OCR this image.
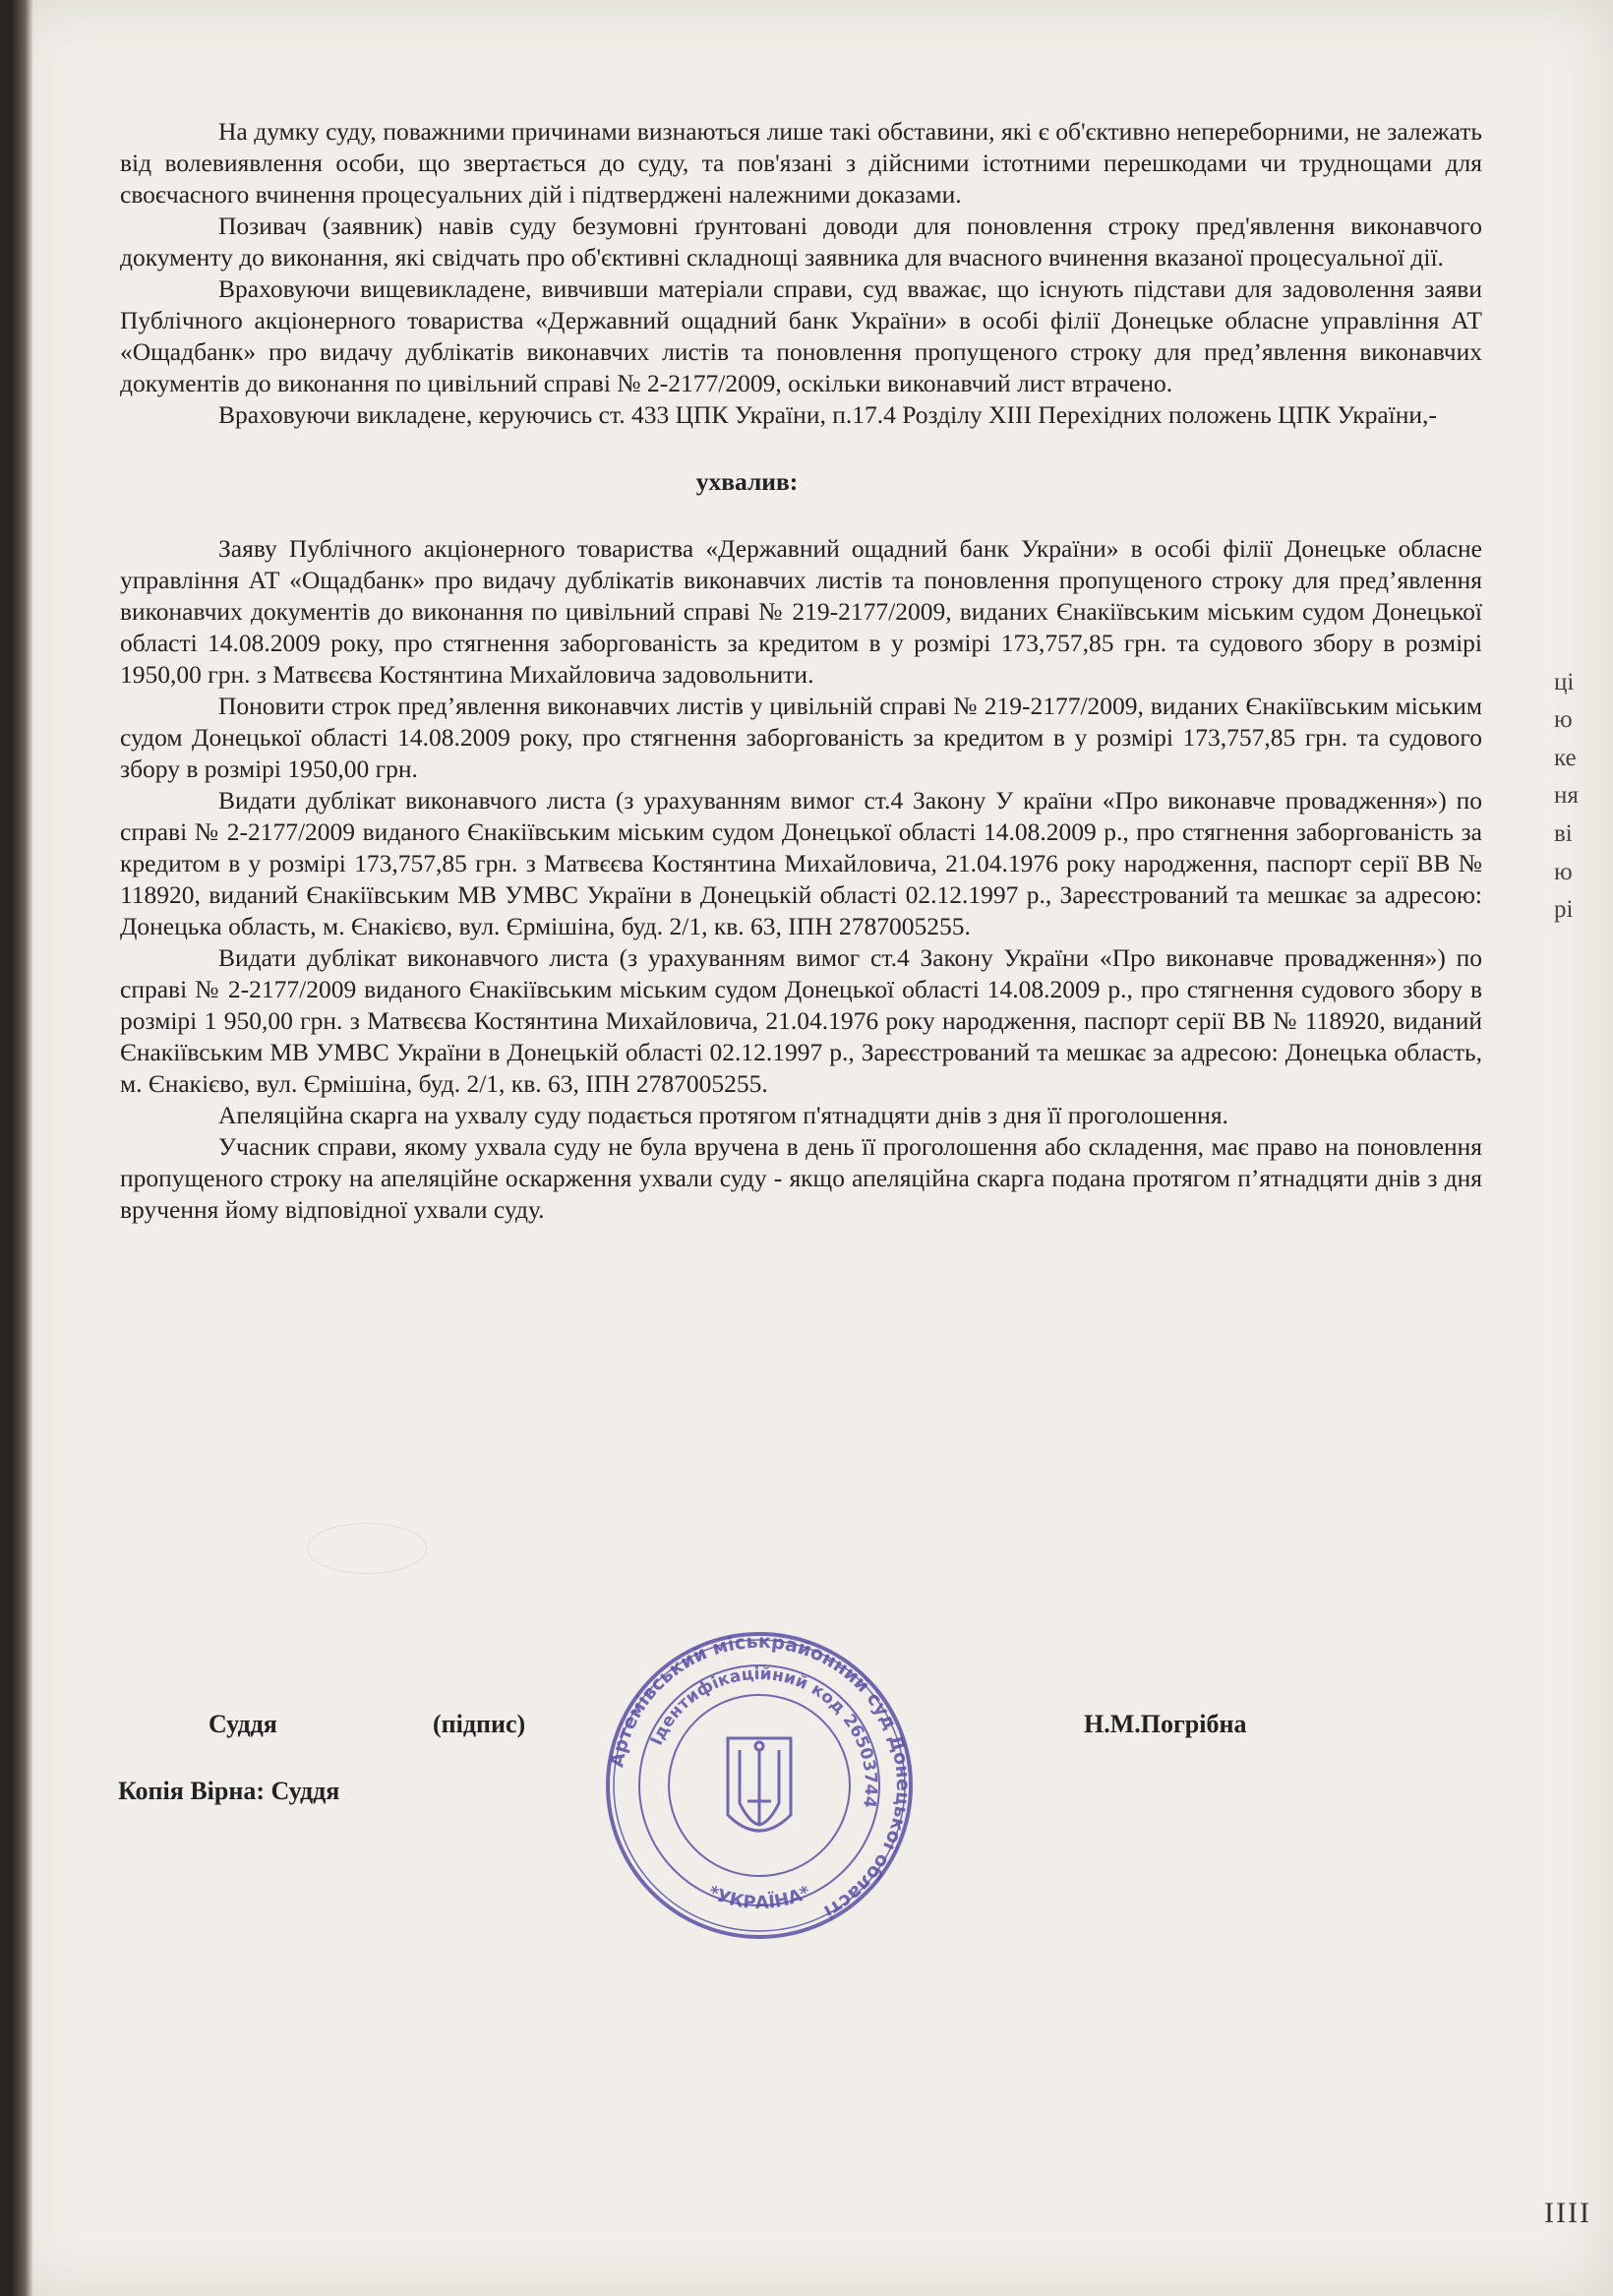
На думку суду, поважними причинами визнаються лише такі обставини, які є об'єктивно непереборними, не залежать від волевиявлення особи, що звертається до суду, та пов'язані з дійсними істотними перешкодами чи труднощами для своєчасного вчинення процесуальних дій і підтверджені належними доказами.

Позивач (заявник) навів суду безумовні ґрунтовані доводи для поновлення строку пред'явлення виконавчого документу до виконання, які свідчать про об'єктивні складнощі заявника для вчасного вчинення вказаної процесуальної дії.

Враховуючи вищевикладене, вивчивши матеріали справи, суд вважає, що існують підстави для задоволення заяви Публічного акціонерного товариства «Державний ощадний банк України» в особі філії Донецьке обласне управління АТ «Ощадбанк» про видачу дублікатів виконавчих листів та поновлення пропущеного строку для пред’явлення виконавчих документів до виконання по цивільний справі № 2-2177/2009, оскільки виконавчий лист втрачено.

Враховуючи викладене, керуючись ст. 433 ЦПК України, п.17.4 Розділу XIII Перехідних положень ЦПК України,-

ухвалив:

Заяву Публічного акціонерного товариства «Державний ощадний банк України» в особі філії Донецьке обласне управління АТ «Ощадбанк» про видачу дублікатів виконавчих листів та поновлення пропущеного строку для пред’явлення виконавчих документів до виконання по цивільний справі № 219-2177/2009, виданих Єнакіївським міським судом Донецької області 14.08.2009 року, про стягнення заборгованість за кредитом в у розмірі 173,757,85 грн. та судового збору в розмірі 1950,00 грн. з Матвєєва Костянтина Михайловича задовольнити.

Поновити строк пред’явлення виконавчих листів у цивільній справі № 219-2177/2009, виданих Єнакіївським міським судом Донецької області 14.08.2009 року, про стягнення заборгованість за кредитом в у розмірі 173,757,85 грн. та судового збору в розмірі 1950,00 грн.

Видати дублікат виконавчого листа (з урахуванням вимог ст.4 Закону У країни «Про виконавче провадження») по справі № 2-2177/2009 виданого Єнакіївським міським судом Донецької області 14.08.2009 р., про стягнення заборгованість за кредитом в у розмірі 173,757,85 грн. з Матвєєва Костянтина Михайловича, 21.04.1976 року народження, паспорт серії ВВ № 118920, виданий Єнакіївським МВ УМВС України в Донецькій області 02.12.1997 р., Зареєстрований та мешкає за адресою: Донецька область, м. Єнакієво, вул. Єрмішіна, буд. 2/1, кв. 63, ІПН 2787005255.

Видати дублікат виконавчого листа (з урахуванням вимог ст.4 Закону України «Про виконавче провадження») по справі № 2-2177/2009 виданого Єнакіївським міським судом Донецької області 14.08.2009 р., про стягнення судового збору в розмірі 1 950,00 грн. з Матвєєва Костянтина Михайловича, 21.04.1976 року народження, паспорт серії ВВ № 118920, виданий Єнакіївським МВ УМВС України в Донецькій області 02.12.1997 р., Зареєстрований та мешкає за адресою: Донецька область, м. Єнакієво, вул. Єрмішіна, буд. 2/1, кв. 63, ІПН 2787005255.

Апеляційна скарга на ухвалу суду подається протягом п'ятнадцяти днів з дня її проголошення.

Учасник справи, якому ухвала суду не була вручена в день її проголошення або складення, має право на поновлення пропущеного строку на апеляційне оскарження ухвали суду - якщо апеляційна скарга подана протягом п’ятнадцяти днів з дня вручення йому відповідної ухвали суду.

Суддя	(підпис)	Н.М.Погрібна
Копія Вірна: Суддя
ці
ю
ке
ня
ві
ю
рі
IIII
Артемівський міськрайонний суд Донецької області
Ідентифікаційний код 26503744
*УКРАЇНА*
